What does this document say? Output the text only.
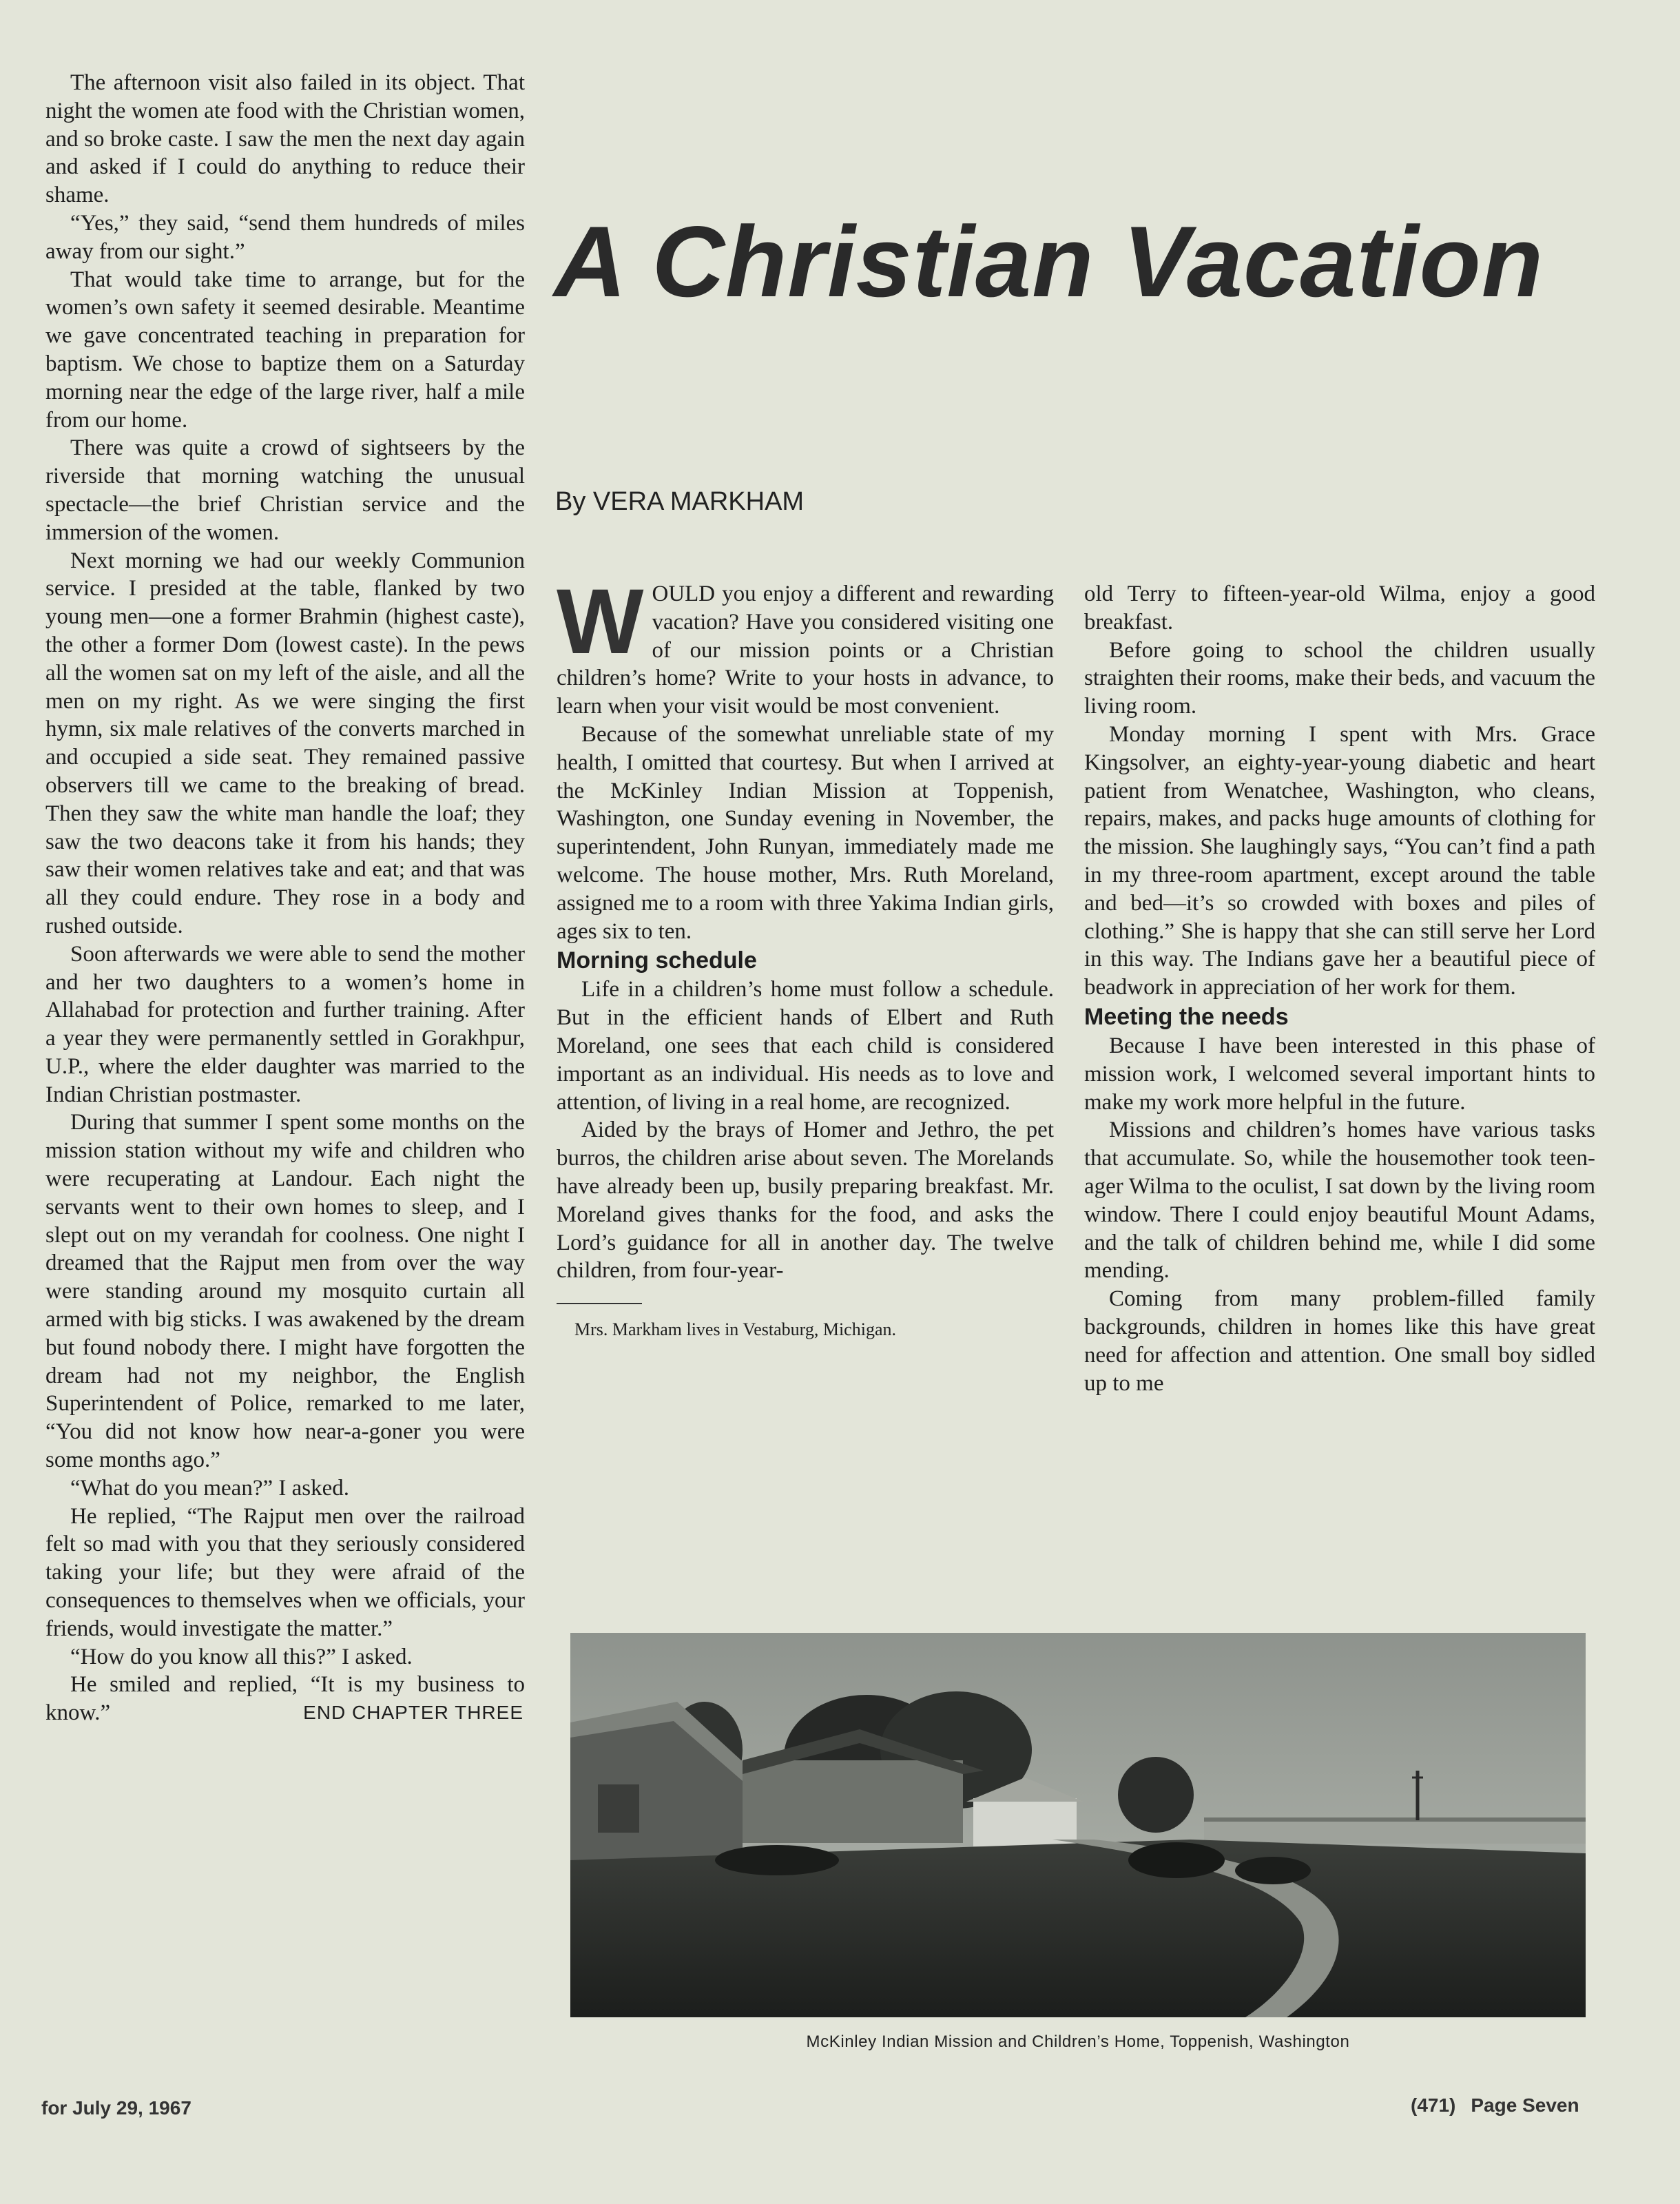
The afternoon visit also failed in its object. That night the women ate food with the Christian women, and so broke caste. I saw the men the next day again and asked if I could do anything to reduce their shame.

“Yes,” they said, “send them hundreds of miles away from our sight.”

That would take time to arrange, but for the women’s own safety it seemed desirable. Meantime we gave concentrated teaching in preparation for baptism. We chose to baptize them on a Saturday morning near the edge of the large river, half a mile from our home.

There was quite a crowd of sightseers by the riverside that morning watching the unusual spectacle—the brief Christian service and the immersion of the women.

Next morning we had our weekly Communion service. I presided at the table, flanked by two young men—one a former Brahmin (highest caste), the other a former Dom (lowest caste). In the pews all the women sat on my left of the aisle, and all the men on my right. As we were singing the first hymn, six male relatives of the converts marched in and occupied a side seat. They remained passive observers till we came to the breaking of bread. Then they saw the white man handle the loaf; they saw the two deacons take it from his hands; they saw their women relatives take and eat; and that was all they could endure. They rose in a body and rushed outside.

Soon afterwards we were able to send the mother and her two daughters to a women’s home in Allahabad for protection and further training. After a year they were permanently settled in Gorakhpur, U.P., where the elder daughter was married to the Indian Christian postmaster.

During that summer I spent some months on the mission station without my wife and children who were recuperating at Landour. Each night the servants went to their own homes to sleep, and I slept out on my verandah for coolness. One night I dreamed that the Rajput men from over the way were standing around my mosquito curtain all armed with big sticks. I was awakened by the dream but found nobody there. I might have forgotten the dream had not my neighbor, the English Superintendent of Police, remarked to me later, “You did not know how near-a-goner you were some months ago.”

“What do you mean?” I asked.

He replied, “The Rajput men over the railroad felt so mad with you that they seriously considered taking your life; but they were afraid of the consequences to themselves when we officials, your friends, would investigate the matter.”

“How do you know all this?” I asked.

He smiled and replied, “It is my business to know.”	END CHAPTER THREE

A Christian Vacation
By VERA MARKHAM

WOULD you enjoy a different and rewarding vacation? Have you considered visiting one of our mission points or a Christian children’s home? Write to your hosts in advance, to learn when your visit would be most convenient.

Because of the somewhat unreliable state of my health, I omitted that courtesy. But when I arrived at the McKinley Indian Mission at Toppenish, Washington, one Sunday evening in November, the superintendent, John Runyan, immediately made me welcome. The house mother, Mrs. Ruth Moreland, assigned me to a room with three Yakima Indian girls, ages six to ten.

Morning schedule

Life in a children’s home must follow a schedule. But in the efficient hands of Elbert and Ruth Moreland, one sees that each child is considered important as an individual. His needs as to love and attention, of living in a real home, are recognized.

Aided by the brays of Homer and Jethro, the pet burros, the children arise about seven. The Morelands have already been up, busily preparing breakfast. Mr. Moreland gives thanks for the food, and asks the Lord’s guidance for all in another day. The twelve children, from four-year-

Mrs. Markham lives in Vestaburg, Michigan.

old Terry to fifteen-year-old Wilma, enjoy a good breakfast.

Before going to school the children usually straighten their rooms, make their beds, and vacuum the living room.

Monday morning I spent with Mrs. Grace Kingsolver, an eighty-year-young diabetic and heart patient from Wenatchee, Washington, who cleans, repairs, makes, and packs huge amounts of clothing for the mission. She laughingly says, “You can’t find a path in my three-room apartment, except around the table and bed—it’s so crowded with boxes and piles of clothing.” She is happy that she can still serve her Lord in this way. The Indians gave her a beautiful piece of beadwork in appreciation of her work for them.

Meeting the needs

Because I have been interested in this phase of mission work, I welcomed several important hints to make my work more helpful in the future.

Missions and children’s homes have various tasks that accumulate. So, while the housemother took teen-ager Wilma to the oculist, I sat down by the living room window. There I could enjoy beautiful Mount Adams, and the talk of children behind me, while I did some mending.

Coming from many problem-filled family backgrounds, children in homes like this have great need for affection and attention. One small boy sidled up to me

McKinley Indian Mission and Children’s Home, Toppenish, Washington
for July 29, 1967	(471) Page Seven
